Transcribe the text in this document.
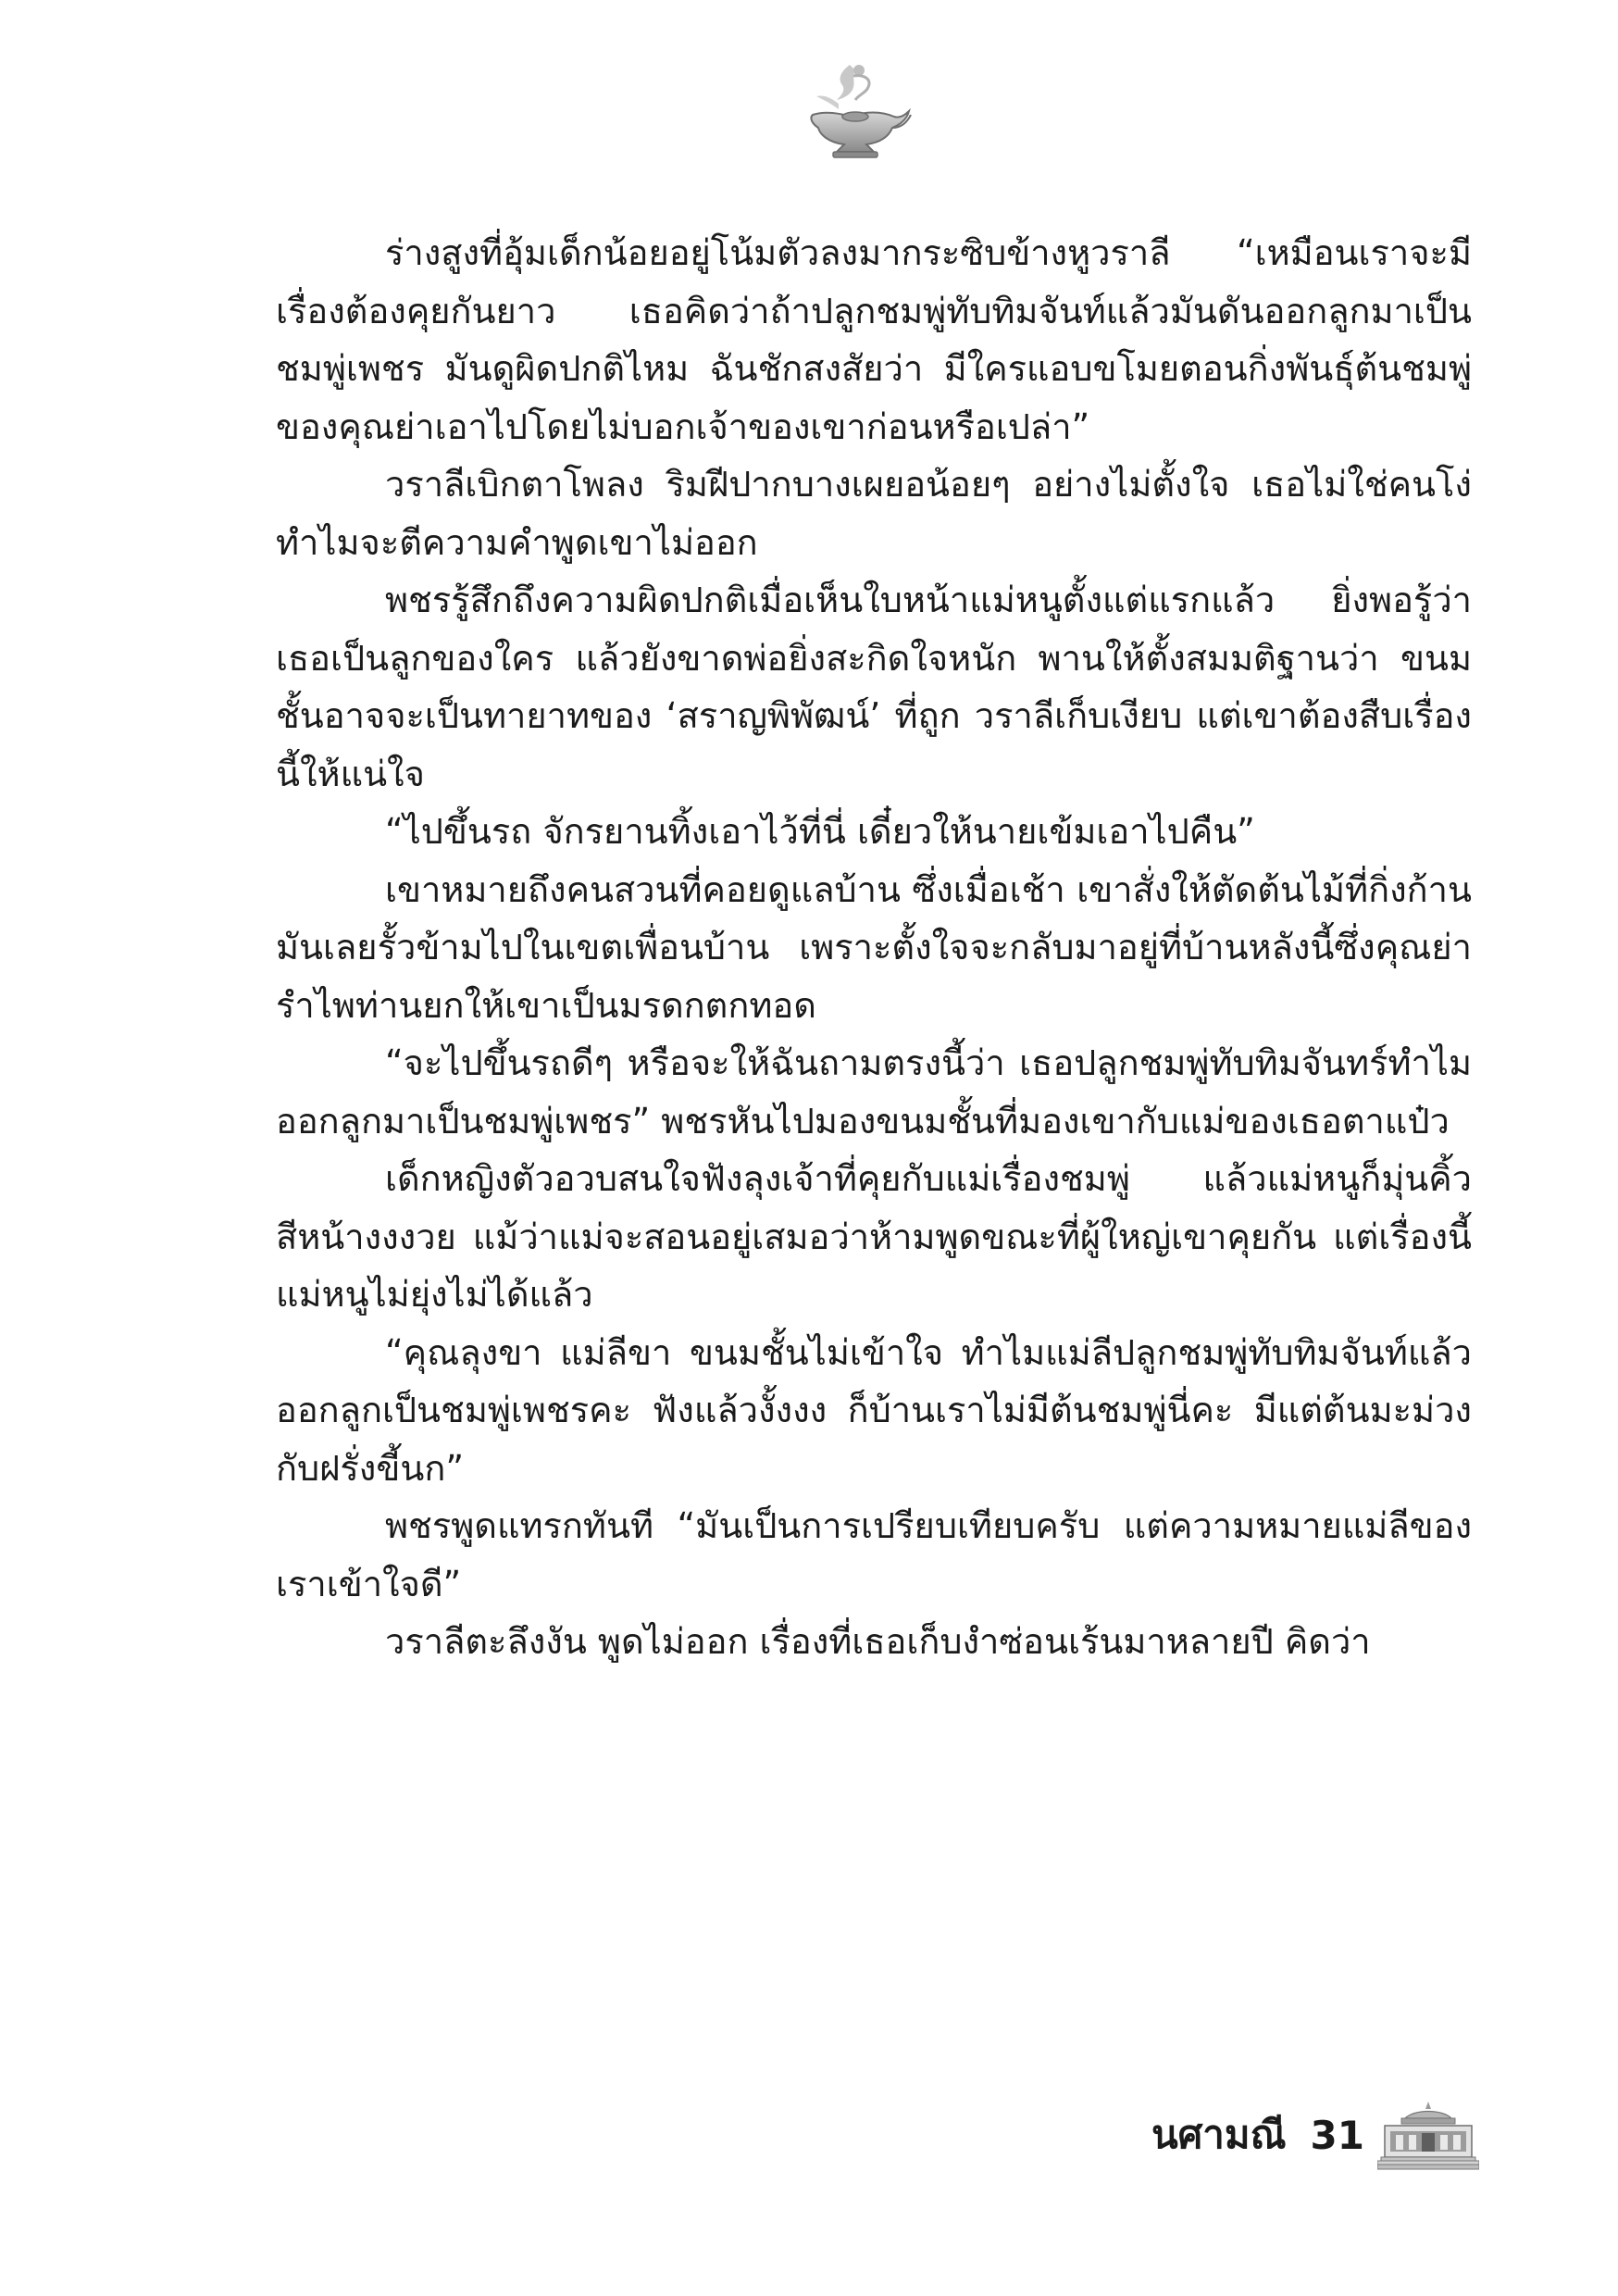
ร่างสูงที่อุ้มเด็กน้อยอยู่โน้มตัวลงมากระซิบข้างหูวราลี “เหมือนเราจะมีเรื่องต้องคุยกันยาว เธอคิดว่าถ้าปลูกชมพู่ทับทิมจันท์แล้วมันดันออกลูกมาเป็นชมพู่เพชร มันดูผิดปกติไหม ฉันชักสงสัยว่า มีใครแอบขโมยตอนกิ่งพันธุ์ต้นชมพู่ของคุณย่าเอาไปโดยไม่บอกเจ้าของเขาก่อนหรือเปล่า”

วราลีเบิกตาโพลง ริมฝีปากบางเผยอน้อยๆ อย่างไม่ตั้งใจ เธอไม่ใช่คนโง่ ทำไมจะตีความคำพูดเขาไม่ออก

พชรรู้สึกถึงความผิดปกติเมื่อเห็นใบหน้าแม่หนูตั้งแต่แรกแล้ว ยิ่งพอรู้ว่าเธอเป็นลูกของใคร แล้วยังขาดพ่อยิ่งสะกิดใจหนัก พานให้ตั้งสมมติฐานว่า ขนมชั้นอาจจะเป็นทายาทของ ‘สราญพิพัฒน์’ ที่ถูก วราลีเก็บเงียบ แต่เขาต้องสืบเรื่องนี้ให้แน่ใจ

“ไปขึ้นรถ จักรยานทิ้งเอาไว้ที่นี่ เดี๋ยวให้นายเข้มเอาไปคืน”

เขาหมายถึงคนสวนที่คอยดูแลบ้าน ซึ่งเมื่อเช้า เขาสั่งให้ตัดต้นไม้ที่กิ่งก้านมันเลยรั้วข้ามไปในเขตเพื่อนบ้าน เพราะตั้งใจจะกลับมาอยู่ที่บ้านหลังนี้ซึ่งคุณย่ารำไพท่านยกให้เขาเป็นมรดกตกทอด

“จะไปขึ้นรถดีๆ หรือจะให้ฉันถามตรงนี้ว่า เธอปลูกชมพู่ทับทิมจันทร์ทำไมออกลูกมาเป็นชมพู่เพชร” พชรหันไปมองขนมชั้นที่มองเขากับแม่ของเธอตาแป๋ว

เด็กหญิงตัวอวบสนใจฟังลุงเจ้าที่คุยกับแม่เรื่องชมพู่ แล้วแม่หนูก็มุ่นคิ้วสีหน้างงงวย แม้ว่าแม่จะสอนอยู่เสมอว่าห้ามพูดขณะที่ผู้ใหญ่เขาคุยกัน แต่เรื่องนี้แม่หนูไม่ยุ่งไม่ได้แล้ว

“คุณลุงขา แม่ลีขา ขนมชั้นไม่เข้าใจ ทำไมแม่ลีปลูกชมพู่ทับทิมจันท์แล้วออกลูกเป็นชมพู่เพชรคะ ฟังแล้วงั้งงง ก็บ้านเราไม่มีต้นชมพู่นี่คะ มีแต่ต้นมะม่วง กับฝรั่งขี้นก”

พชรพูดแทรกทันที “มันเป็นการเปรียบเทียบครับ แต่ความหมายแม่ลีของเราเข้าใจดี”

วราลีตะลึงงัน พูดไม่ออก เรื่องที่เธอเก็บงำซ่อนเร้นมาหลายปี คิดว่า

นศามณี 31
